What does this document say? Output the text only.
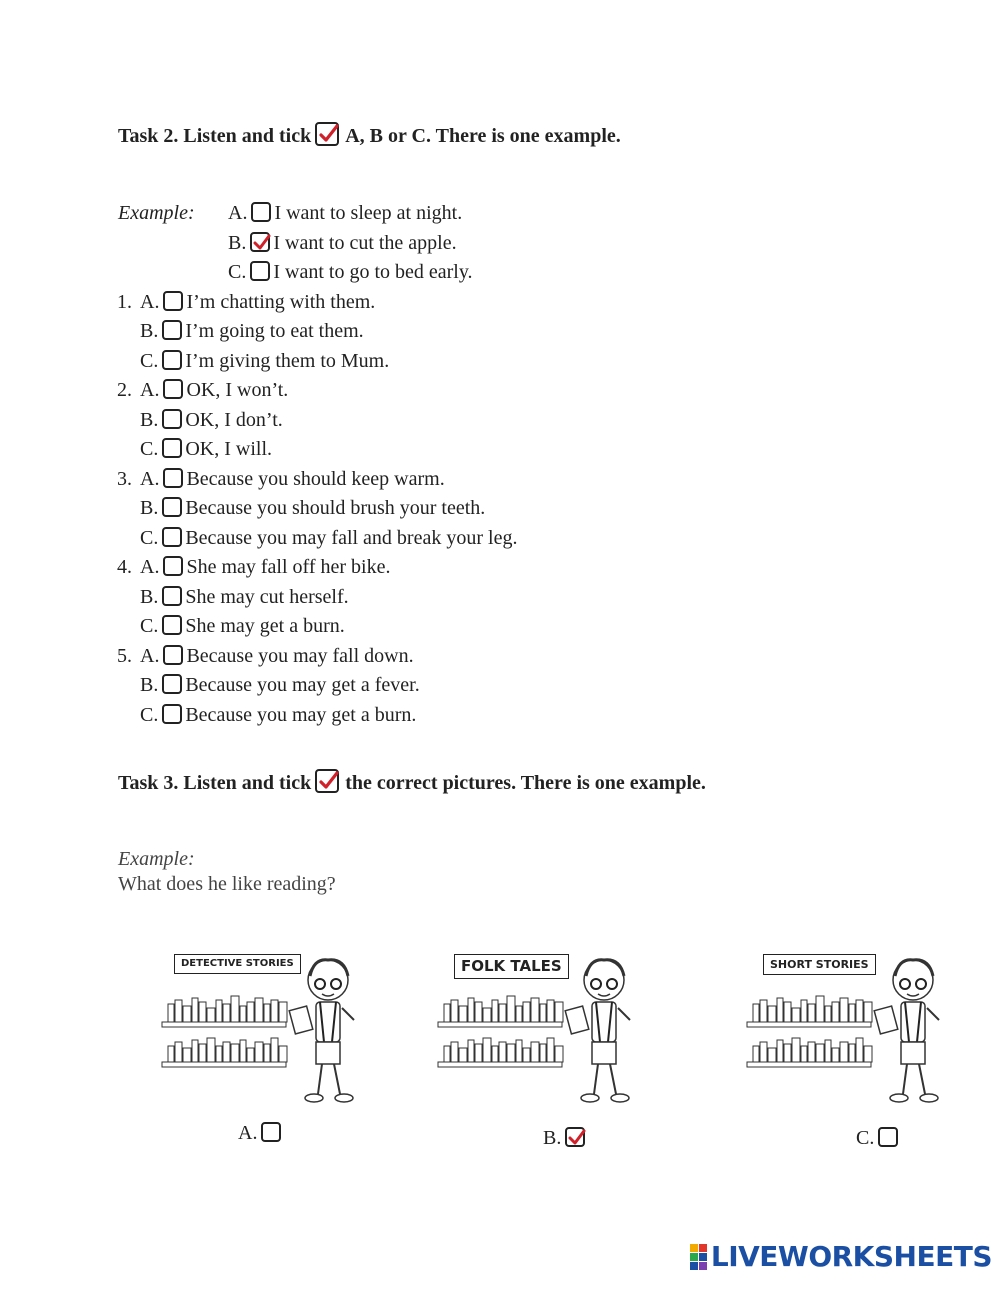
Task 2. Listen and tick A, B or C. There is one example.
Example:	A. I want to sleep at night.
B. I want to cut the apple.
C. I want to go to bed early.
1. A. I’m chatting with them.
B. I’m going to eat them.
C. I’m giving them to Mum.
2. A. OK, I won’t.
B. OK, I don’t.
C. OK, I will.
3. A. Because you should keep warm.
B. Because you should brush your teeth.
C. Because you may fall and break your leg.
4. A. She may fall off her bike.
B. She may cut herself.
C. She may get a burn.
5. A. Because you may fall down.
B. Because you may get a fever.
C. Because you may get a burn.
Task 3. Listen and tick the correct pictures. There is one example.
Example:
What does he like reading?
DETECTIVE STORIES
A.
FOLK TALES
B.
SHORT STORIES
C.
LIVEWORKSHEETS
